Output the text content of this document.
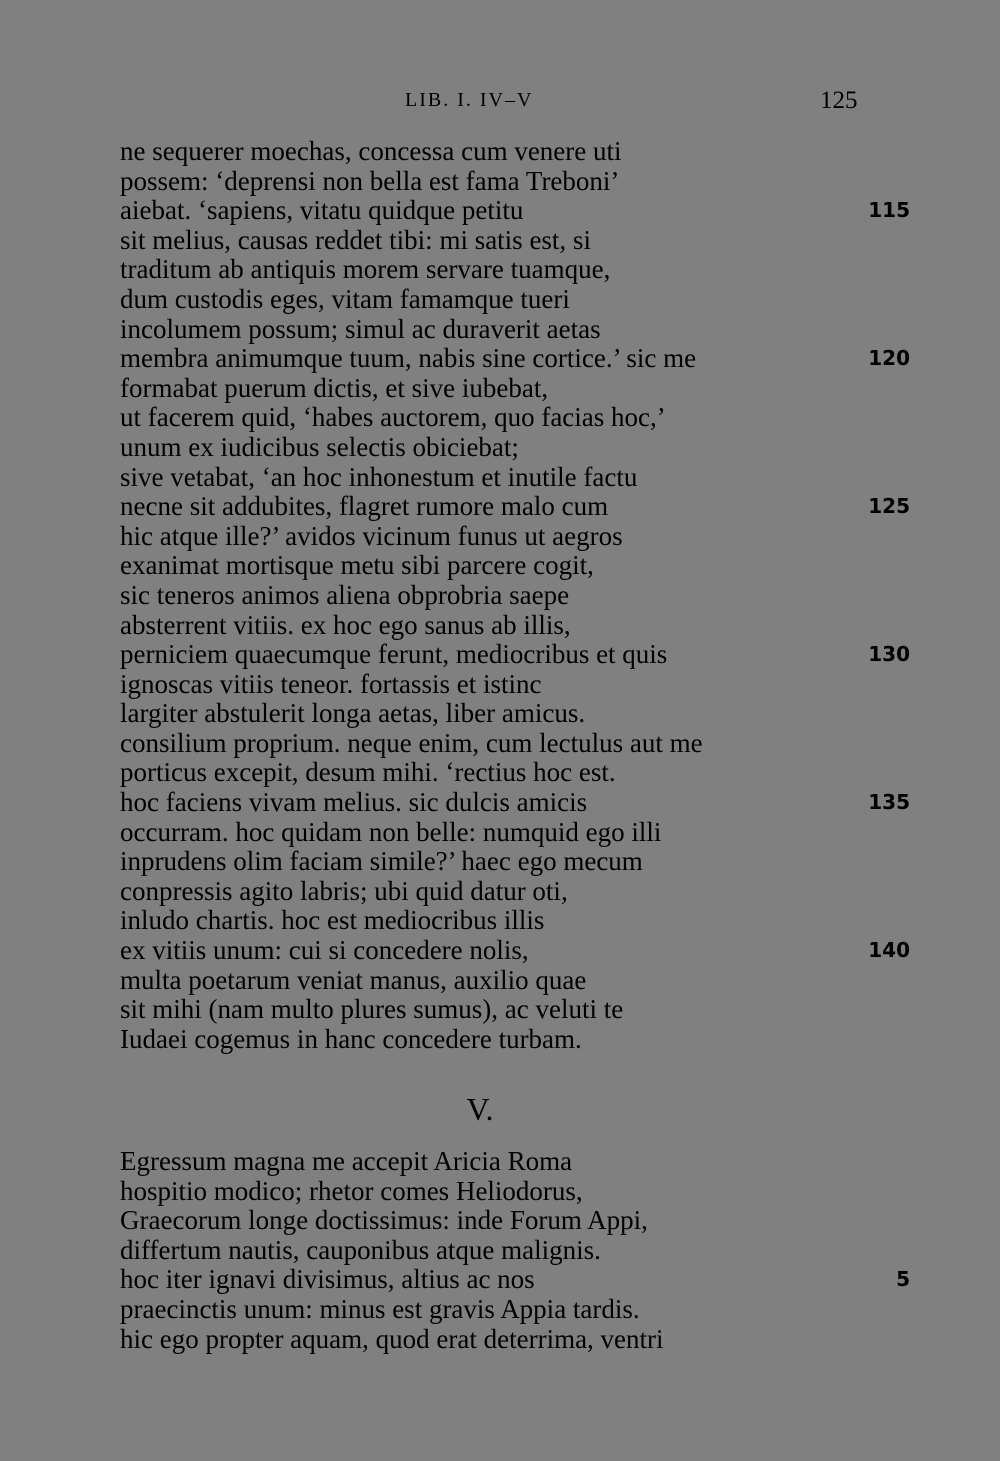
LIB. I. IV–V	125
ne sequerer moechas, concessa cum venere uti
possem: ‘deprensi non bella est fama Treboni’
aiebat. ‘sapiens, vitatu quidque petitu	115
sit melius, causas reddet tibi: mi satis est, si
traditum ab antiquis morem servare tuamque,
dum custodis eges, vitam famamque tueri
incolumem possum; simul ac duraverit aetas
membra animumque tuum, nabis sine cortice.’ sic me	120
formabat puerum dictis, et sive iubebat,
ut facerem quid, ‘habes auctorem, quo facias hoc,’
unum ex iudicibus selectis obiciebat;
sive vetabat, ‘an hoc inhonestum et inutile factu
necne sit addubites, flagret rumore malo cum	125
hic atque ille?’ avidos vicinum funus ut aegros
exanimat mortisque metu sibi parcere cogit,
sic teneros animos aliena obprobria saepe
absterrent vitiis. ex hoc ego sanus ab illis,
perniciem quaecumque ferunt, mediocribus et quis	130
ignoscas vitiis teneor. fortassis et istinc
largiter abstulerit longa aetas, liber amicus.
consilium proprium. neque enim, cum lectulus aut me
porticus excepit, desum mihi. ‘rectius hoc est.
hoc faciens vivam melius. sic dulcis amicis	135
occurram. hoc quidam non belle: numquid ego illi
inprudens olim faciam simile?’ haec ego mecum
conpressis agito labris; ubi quid datur oti,
inludo chartis. hoc est mediocribus illis
ex vitiis unum: cui si concedere nolis,	140
multa poetarum veniat manus, auxilio quae
sit mihi (nam multo plures sumus), ac veluti te
Iudaei cogemus in hanc concedere turbam.
V.
Egressum magna me accepit Aricia Roma
hospitio modico; rhetor comes Heliodorus,
Graecorum longe doctissimus: inde Forum Appi,
differtum nautis, cauponibus atque malignis.
hoc iter ignavi divisimus, altius ac nos	5
praecinctis unum: minus est gravis Appia tardis.
hic ego propter aquam, quod erat deterrima, ventri
